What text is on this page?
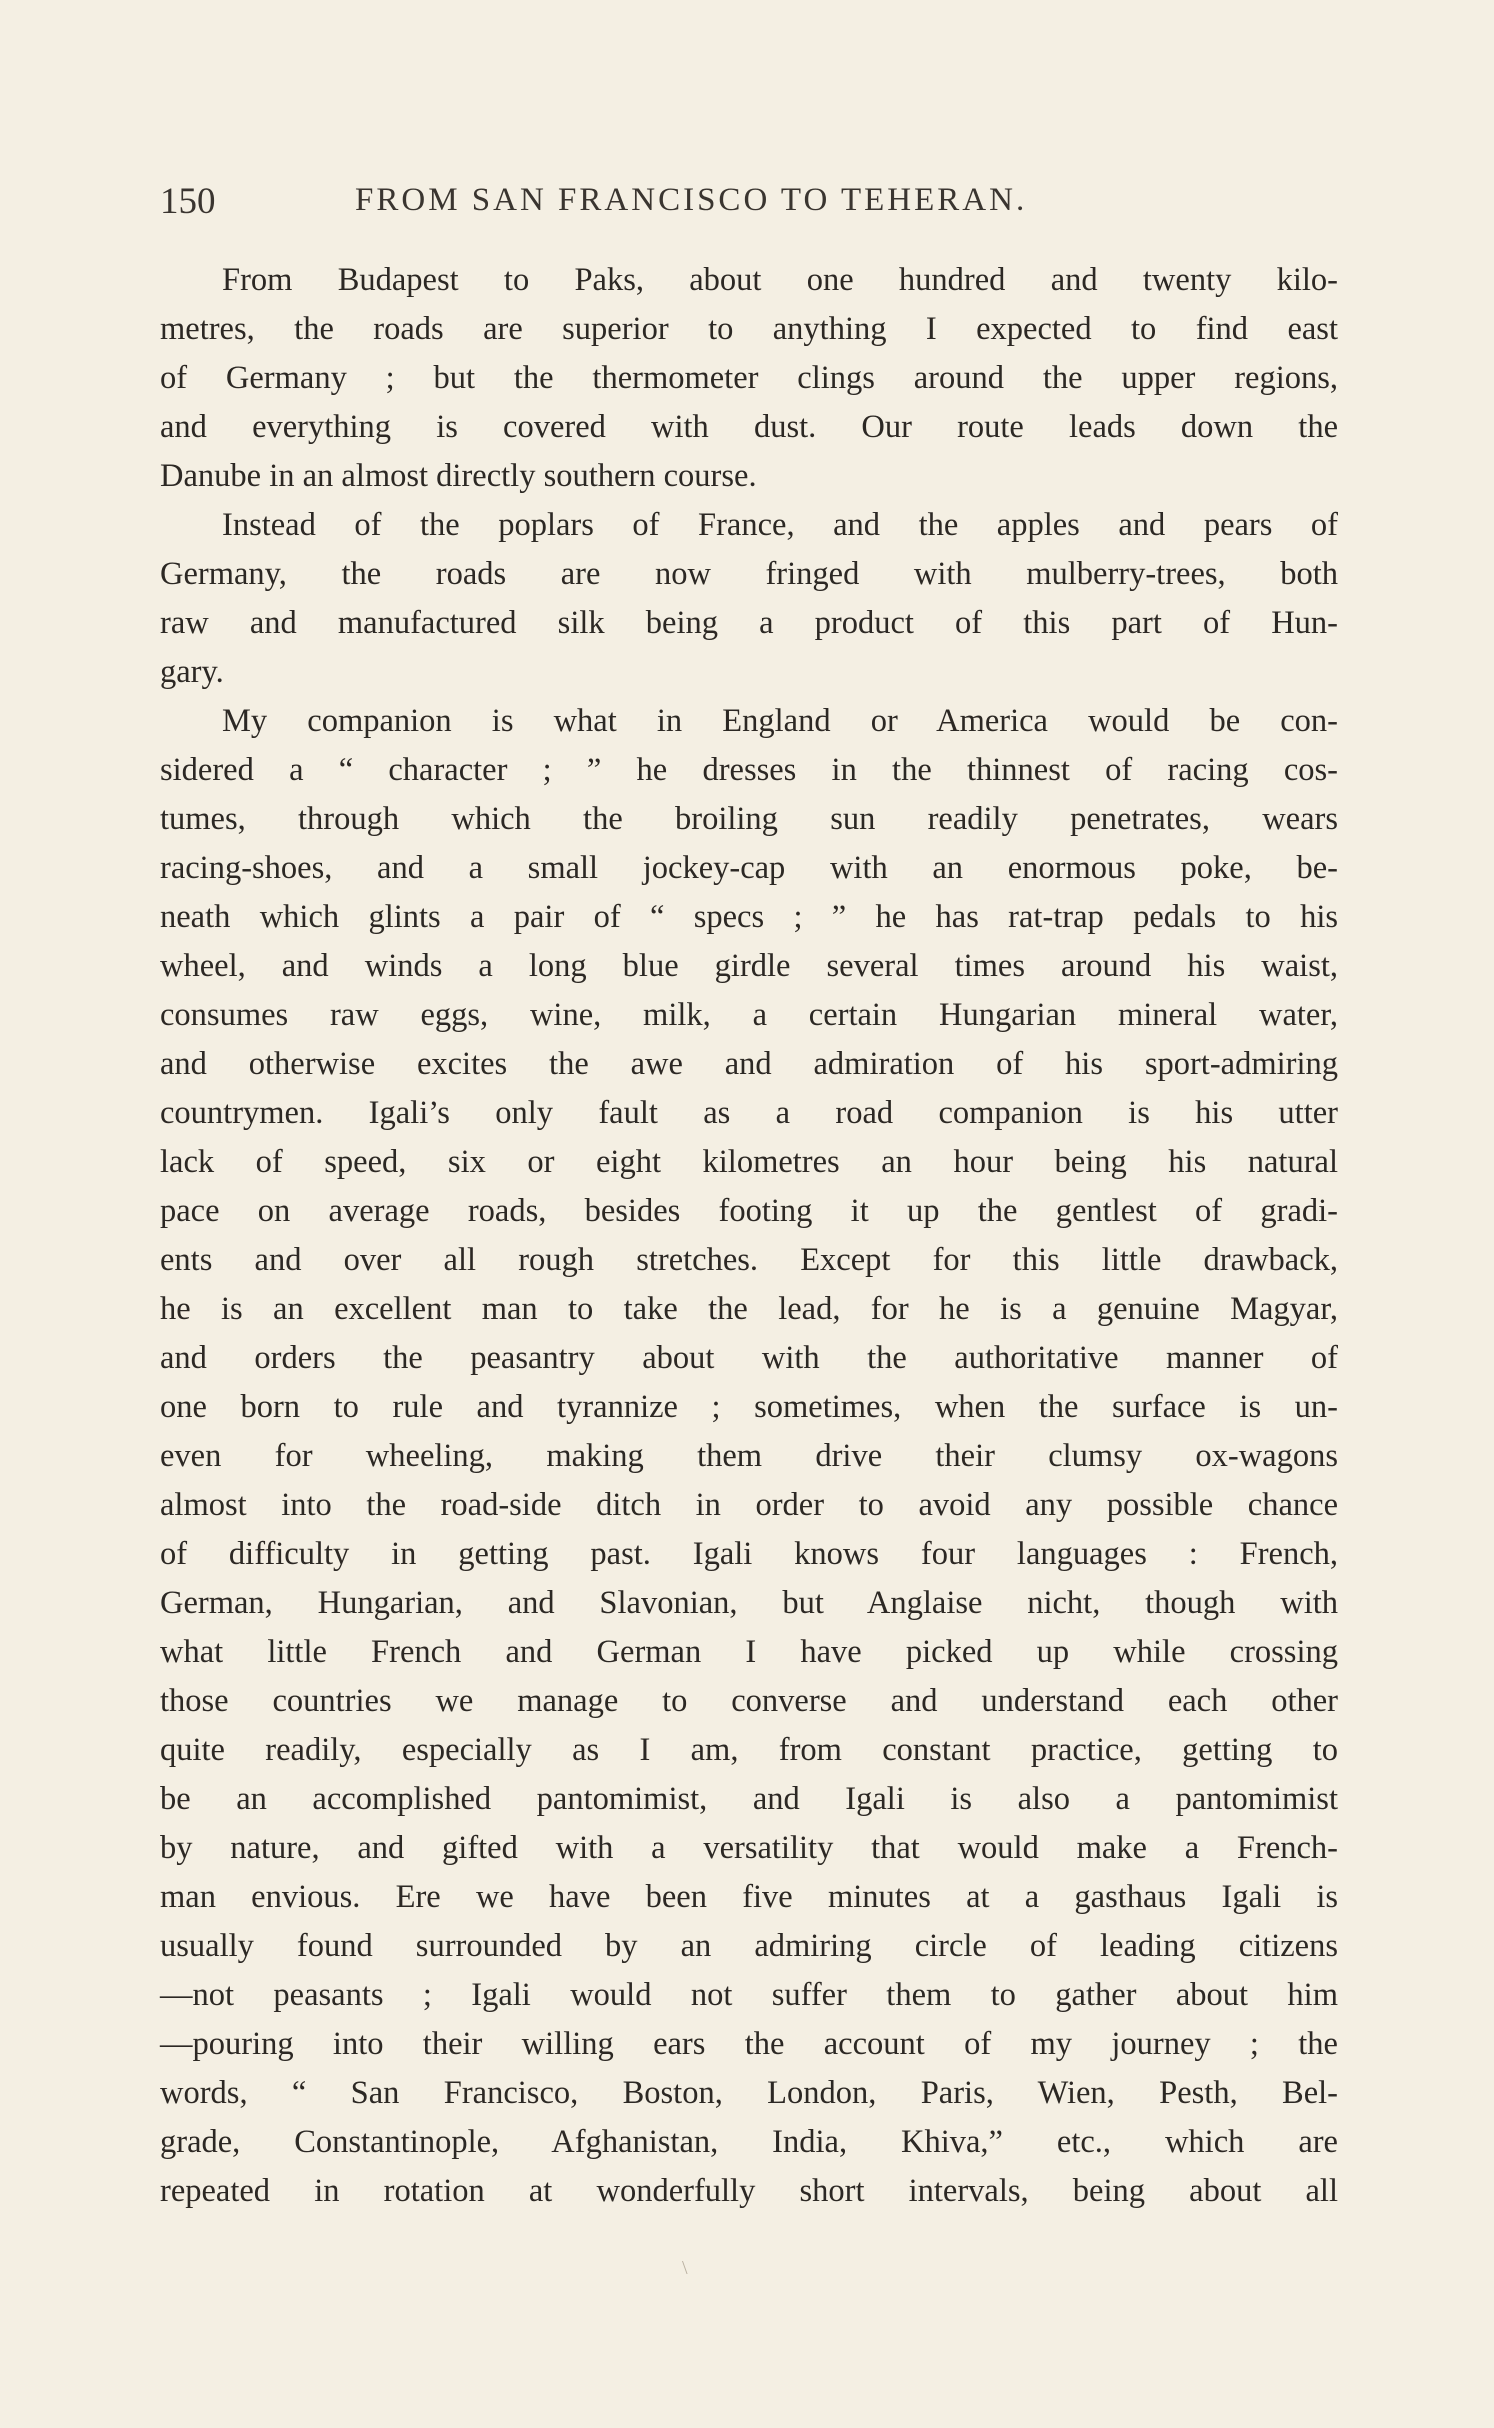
150	FROM SAN FRANCISCO TO TEHERAN.
From Budapest to Paks, about one hundred and twenty kilo-
metres, the roads are superior to anything I expected to find east
of Germany ; but the thermometer clings around the upper regions,
and everything is covered with dust. Our route leads down the
Danube in an almost directly southern course.
Instead of the poplars of France, and the apples and pears of
Germany, the roads are now fringed with mulberry-trees, both
raw and manufactured silk being a product of this part of Hun-
gary.
My companion is what in England or America would be con-
sidered a “ character ; ” he dresses in the thinnest of racing cos-
tumes, through which the broiling sun readily penetrates, wears
racing-shoes, and a small jockey-cap with an enormous poke, be-
neath which glints a pair of “ specs ; ” he has rat-trap pedals to his
wheel, and winds a long blue girdle several times around his waist,
consumes raw eggs, wine, milk, a certain Hungarian mineral water,
and otherwise excites the awe and admiration of his sport-admiring
countrymen. Igali’s only fault as a road companion is his utter
lack of speed, six or eight kilometres an hour being his natural
pace on average roads, besides footing it up the gentlest of gradi-
ents and over all rough stretches. Except for this little drawback,
he is an excellent man to take the lead, for he is a genuine Magyar,
and orders the peasantry about with the authoritative manner of
one born to rule and tyrannize ; sometimes, when the surface is un-
even for wheeling, making them drive their clumsy ox-wagons
almost into the road-side ditch in order to avoid any possible chance
of difficulty in getting past. Igali knows four languages : French,
German, Hungarian, and Slavonian, but Anglaise nicht, though with
what little French and German I have picked up while crossing
those countries we manage to converse and understand each other
quite readily, especially as I am, from constant practice, getting to
be an accomplished pantomimist, and Igali is also a pantomimist
by nature, and gifted with a versatility that would make a French-
man envious. Ere we have been five minutes at a gasthaus Igali is
usually found surrounded by an admiring circle of leading citizens
—not peasants ; Igali would not suffer them to gather about him
—pouring into their willing ears the account of my journey ; the
words, “ San Francisco, Boston, London, Paris, Wien, Pesth, Bel-
grade, Constantinople, Afghanistan, India, Khiva,” etc., which are
repeated in rotation at wonderfully short intervals, being about all
\
